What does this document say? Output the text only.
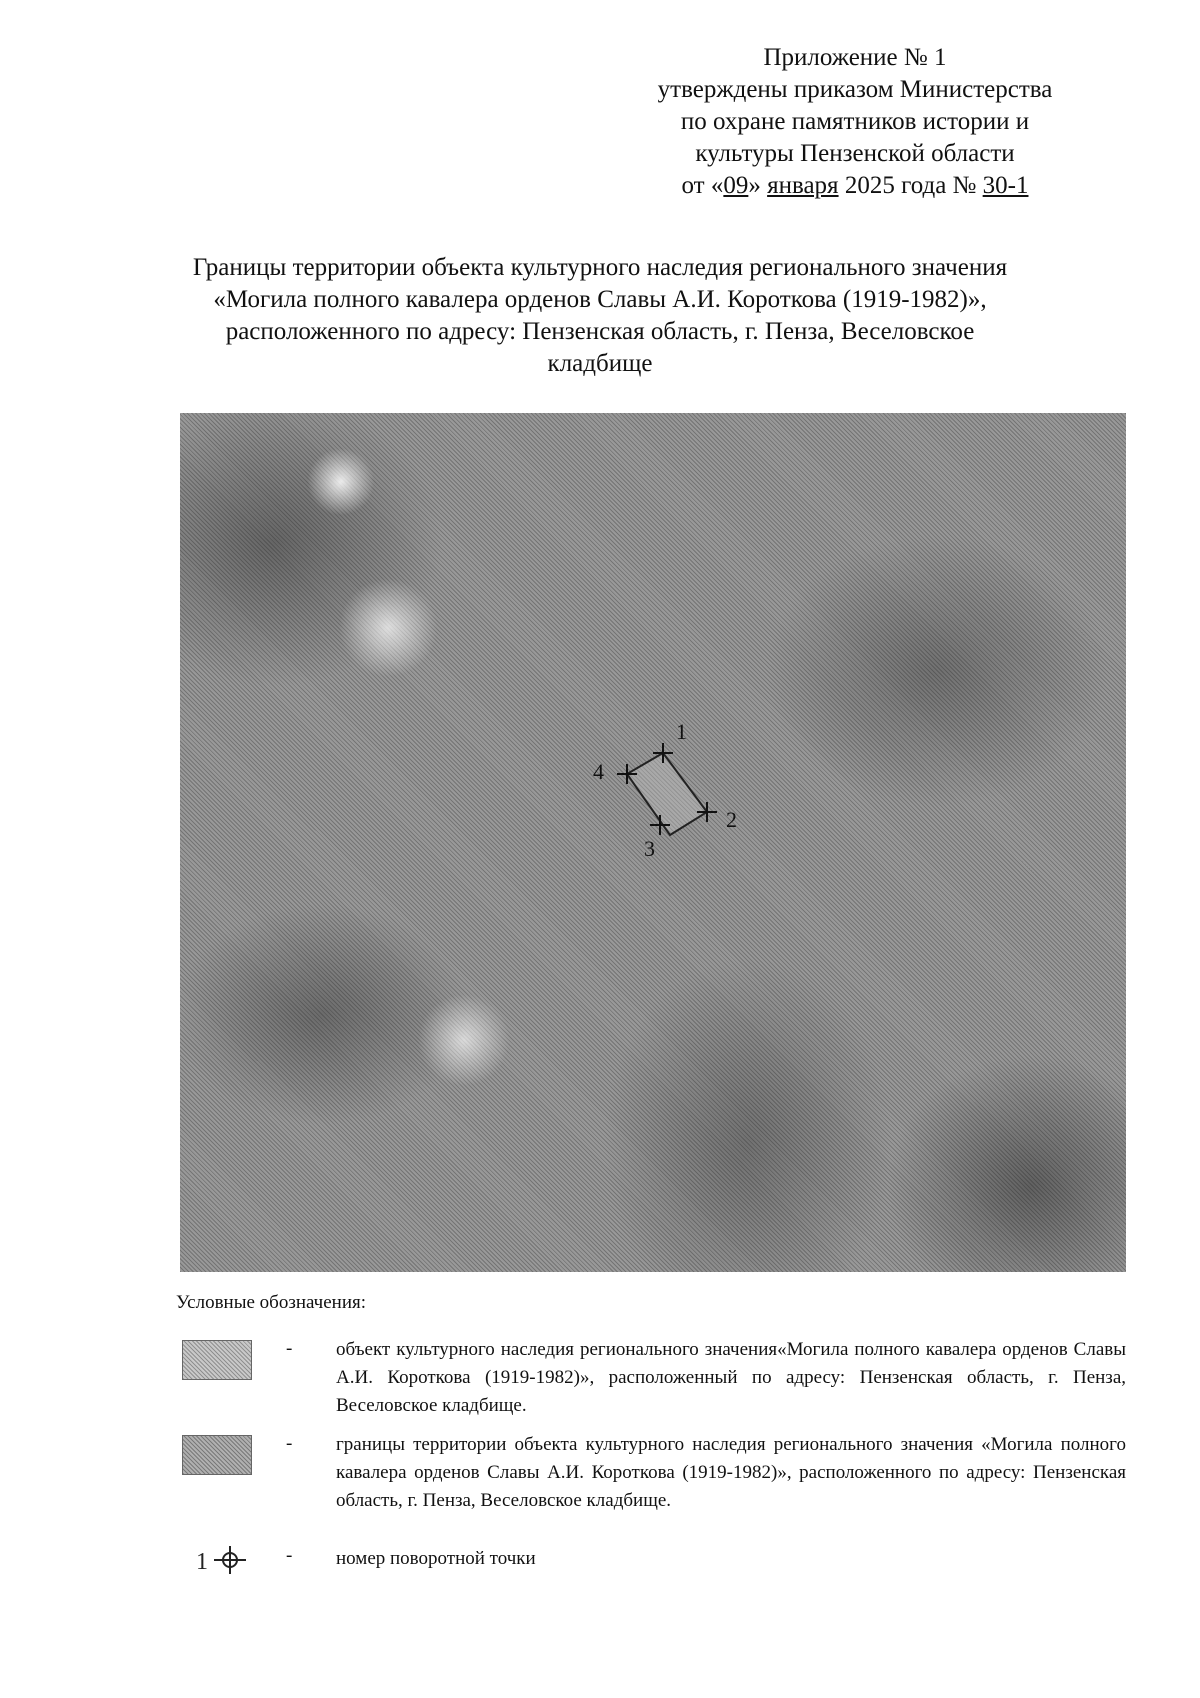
Приложение № 1
утверждены приказом Министерства
по охране памятников истории и
культуры Пензенской области
от «09» января 2025 года № 30-1
Границы территории объекта культурного наследия регионального значения
«Могила полного кавалера орденов Славы А.И. Короткова (1919-1982)»,
расположенного по адресу: Пензенская область, г. Пенза, Веселовское
кладбище
1
2
3
4
Условные обозначения:
- объект культурного наследия регионального значения«Могила полного кавалера орденов Славы А.И. Короткова (1919-1982)», расположенный по адресу: Пензенская область, г. Пенза, Веселовское кладбище.
- границы территории объекта культурного наследия регионального значения «Могила полного кавалера орденов Славы А.И. Короткова (1919-1982)», расположенного по адресу: Пензенская область, г. Пенза, Веселовское кладбище.
1	- номер поворотной точки
